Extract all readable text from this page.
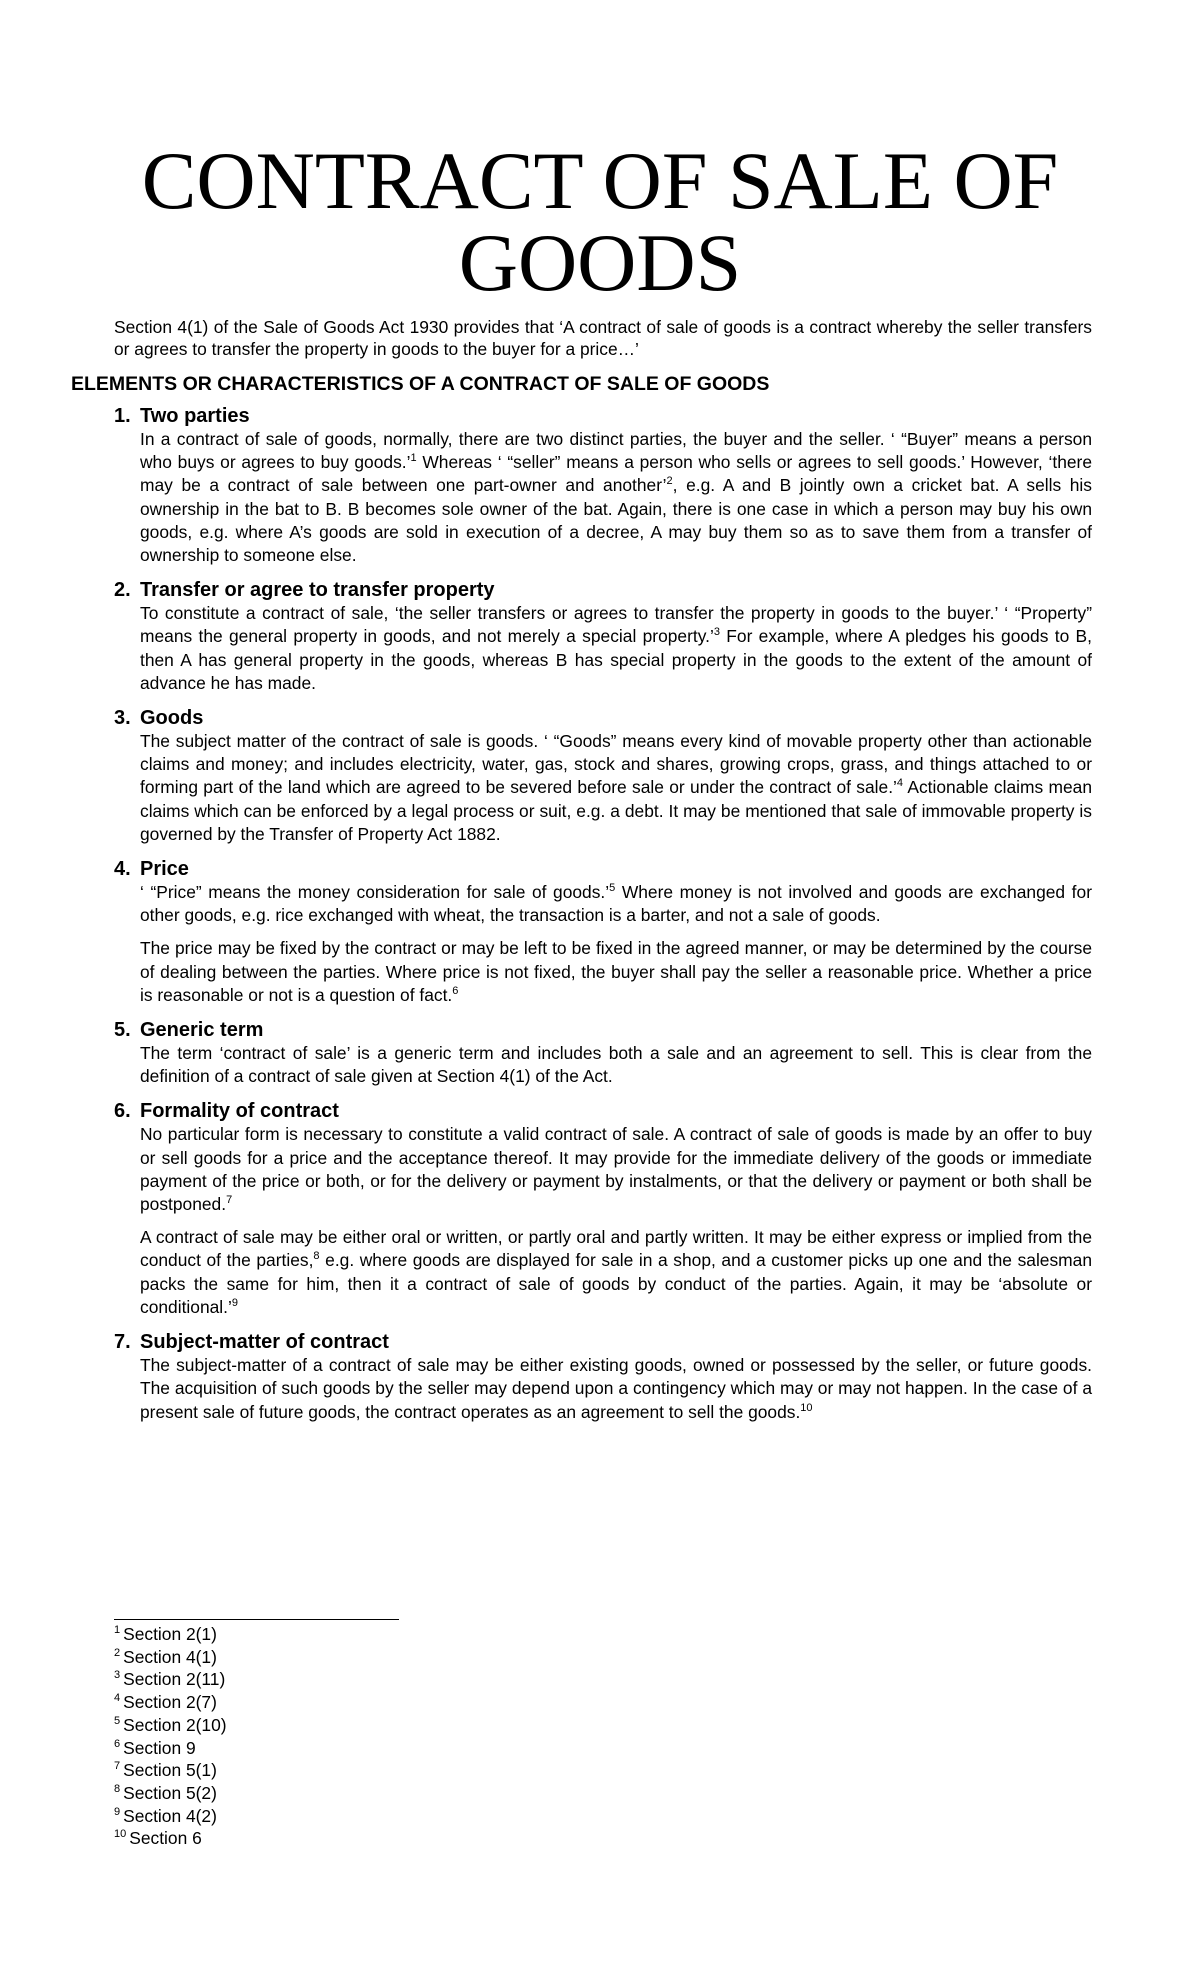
CONTRACT OF SALE OF
GOODS

Section 4(1) of the Sale of Goods Act 1930 provides that ‘A contract of sale of goods is a contract whereby the seller transfers or agrees to transfer the property in goods to the buyer for a price…’

ELEMENTS OR CHARACTERISTICS OF A CONTRACT OF SALE OF GOODS
1. Two parties

In a contract of sale of goods, normally, there are two distinct parties, the buyer and the seller. ‘ “Buyer” means a person who buys or agrees to buy goods.’$^1$ Whereas ‘ “seller” means a person who sells or agrees to sell goods.’ However, ‘there may be a contract of sale between one part-owner and another’$^2$, e.g. A and B jointly own a cricket bat. A sells his ownership in the bat to B. B becomes sole owner of the bat. Again, there is one case in which a person may buy his own goods, e.g. where A’s goods are sold in execution of a decree, A may buy them so as to save them from a transfer of ownership to someone else.

2. Transfer or agree to transfer property

To constitute a contract of sale, ‘the seller transfers or agrees to transfer the property in goods to the buyer.’ ‘ “Property” means the general property in goods, and not merely a special property.’$^3$ For example, where A pledges his goods to B, then A has general property in the goods, whereas B has special property in the goods to the extent of the amount of advance he has made.

3. Goods

The subject matter of the contract of sale is goods. ‘ “Goods” means every kind of movable property other than actionable claims and money; and includes electricity, water, gas, stock and shares, growing crops, grass, and things attached to or forming part of the land which are agreed to be severed before sale or under the contract of sale.’$^4$ Actionable claims mean claims which can be enforced by a legal process or suit, e.g. a debt. It may be mentioned that sale of immovable property is governed by the Transfer of Property Act 1882.

4. Price

‘ “Price” means the money consideration for sale of goods.’$^5$ Where money is not involved and goods are exchanged for other goods, e.g. rice exchanged with wheat, the transaction is a barter, and not a sale of goods.

The price may be fixed by the contract or may be left to be fixed in the agreed manner, or may be determined by the course of dealing between the parties. Where price is not fixed, the buyer shall pay the seller a reasonable price. Whether a price is reasonable or not is a question of fact.$^6$

5. Generic term

The term ‘contract of sale’ is a generic term and includes both a sale and an agreement to sell. This is clear from the definition of a contract of sale given at Section 4(1) of the Act.

6. Formality of contract

No particular form is necessary to constitute a valid contract of sale. A contract of sale of goods is made by an offer to buy or sell goods for a price and the acceptance thereof. It may provide for the immediate delivery of the goods or immediate payment of the price or both, or for the delivery or payment by instalments, or that the delivery or payment or both shall be postponed.$^7$

A contract of sale may be either oral or written, or partly oral and partly written. It may be either express or implied from the conduct of the parties,$^8$ e.g. where goods are displayed for sale in a shop, and a customer picks up one and the salesman packs the same for him, then it a contract of sale of goods by conduct of the parties. Again, it may be ‘absolute or conditional.’$^9$

7. Subject-matter of contract

The subject-matter of a contract of sale may be either existing goods, owned or possessed by the seller, or future goods. The acquisition of such goods by the seller may depend upon a contingency which may or may not happen. In the case of a present sale of future goods, the contract operates as an agreement to sell the goods.$^{10}$

$^1$ Section 2(1)
$^2$ Section 4(1)
$^3$ Section 2(11)
$^4$ Section 2(7)
$^5$ Section 2(10)
$^6$ Section 9
$^7$ Section 5(1)
$^8$ Section 5(2)
$^9$ Section 4(2)
$^{10}$ Section 6
